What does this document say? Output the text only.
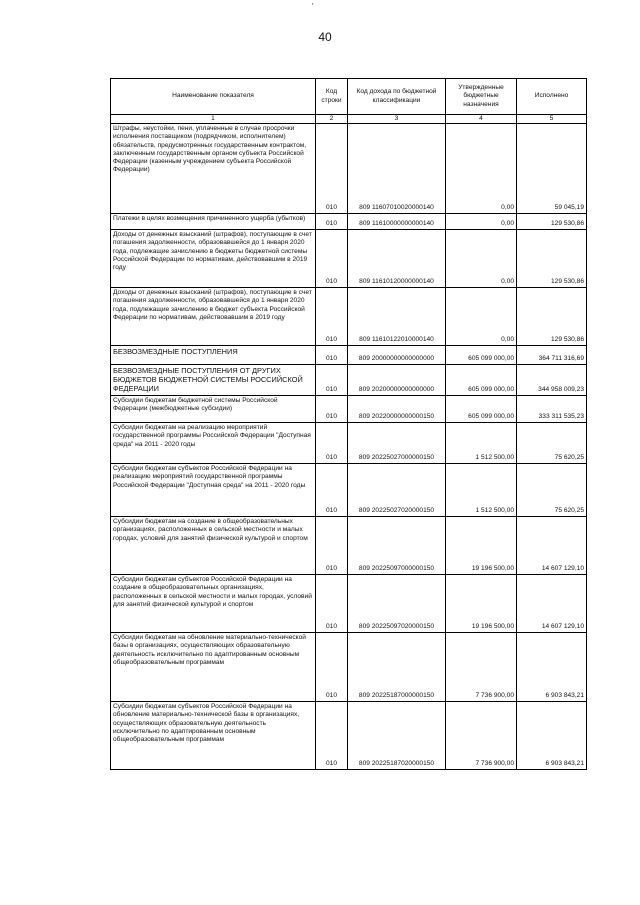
40
Наименование показателя	Код строки	Код дохода по бюджетной классификации	Утвержденные бюджетные назначения	Исполнено
1	2	3	4	5
Штрафы, неустойки, пени, уплаченные в случае просрочки исполнения поставщиком (подрядчиком, исполнителем) обязательств, предусмотренных государственным контрактом, заключенным государственным органом субъекта Российской Федерации (казенным учреждением субъекта Российской Федерации)	010	809 11607010020000140	0,00	59 045,19
Платежи в целях возмещения причиненного ущерба (убытков)	010	809 11610000000000140	0,00	129 530,86
Доходы от денежных взысканий (штрафов), поступающие в счет погашения задолженности, образовавшейся до 1 января 2020 года, подлежащие зачислению в бюджеты бюджетной системы Российской Федерации по нормативам, действовавшим в 2019 году	010	809 11610120000000140	0,00	129 530,86
Доходы от денежных взысканий (штрафов), поступающие в счет погашения задолженности, образовавшейся до 1 января 2020 года, подлежащие зачислению в бюджет субъекта Российской Федерации по нормативам, действовавшим в 2019 году	010	809 11610122010000140	0,00	129 530,86
БЕЗВОЗМЕЗДНЫЕ ПОСТУПЛЕНИЯ	010	809 20000000000000000	605 099 000,00	364 711 316,69
БЕЗВОЗМЕЗДНЫЕ ПОСТУПЛЕНИЯ ОТ ДРУГИХ БЮДЖЕТОВ БЮДЖЕТНОЙ СИСТЕМЫ РОССИЙСКОЙ ФЕДЕРАЦИИ	010	809 20200000000000000	605 099 000,00	344 958 009,23
Субсидии бюджетам бюджетной системы Российской Федерации (межбюджетные субсидии)	010	809 20220000000000150	605 099 000,00	333 311 535,23
Субсидии бюджетам на реализацию мероприятий государственной программы Российской Федерации "Доступная среда" на 2011 - 2020 годы	010	809 20225027000000150	1 512 500,00	75 620,25
Субсидии бюджетам субъектов Российской Федерации на реализацию мероприятий государственной программы Российской Федерации "Доступная среда" на 2011 - 2020 годы	010	809 20225027020000150	1 512 500,00	75 620,25
Субсидии бюджетам на создание в общеобразовательных организациях, расположенных в сельской местности и малых городах, условий для занятий физической культурой и спортом	010	809 20225097000000150	19 196 500,00	14 607 129,10
Субсидии бюджетам субъектов Российской Федерации на создание в общеобразовательных организациях, расположенных в сельской местности и малых городах, условий для занятий физической культурой и спортом	010	809 20225097020000150	19 196 500,00	14 607 129,10
Субсидии бюджетам на обновление материально-технической базы в организациях, осуществляющих образовательную деятельность исключительно по адаптированным основным общеобразовательным программам	010	809 20225187000000150	7 736 900,00	6 903 843,21
Субсидии бюджетам субъектов Российской Федерации на обновление материально-технической базы в организациях, осуществляющих образовательную деятельность исключительно по адаптированным основным общеобразовательным программам	010	809 20225187020000150	7 736 900,00	6 903 843,21
'
